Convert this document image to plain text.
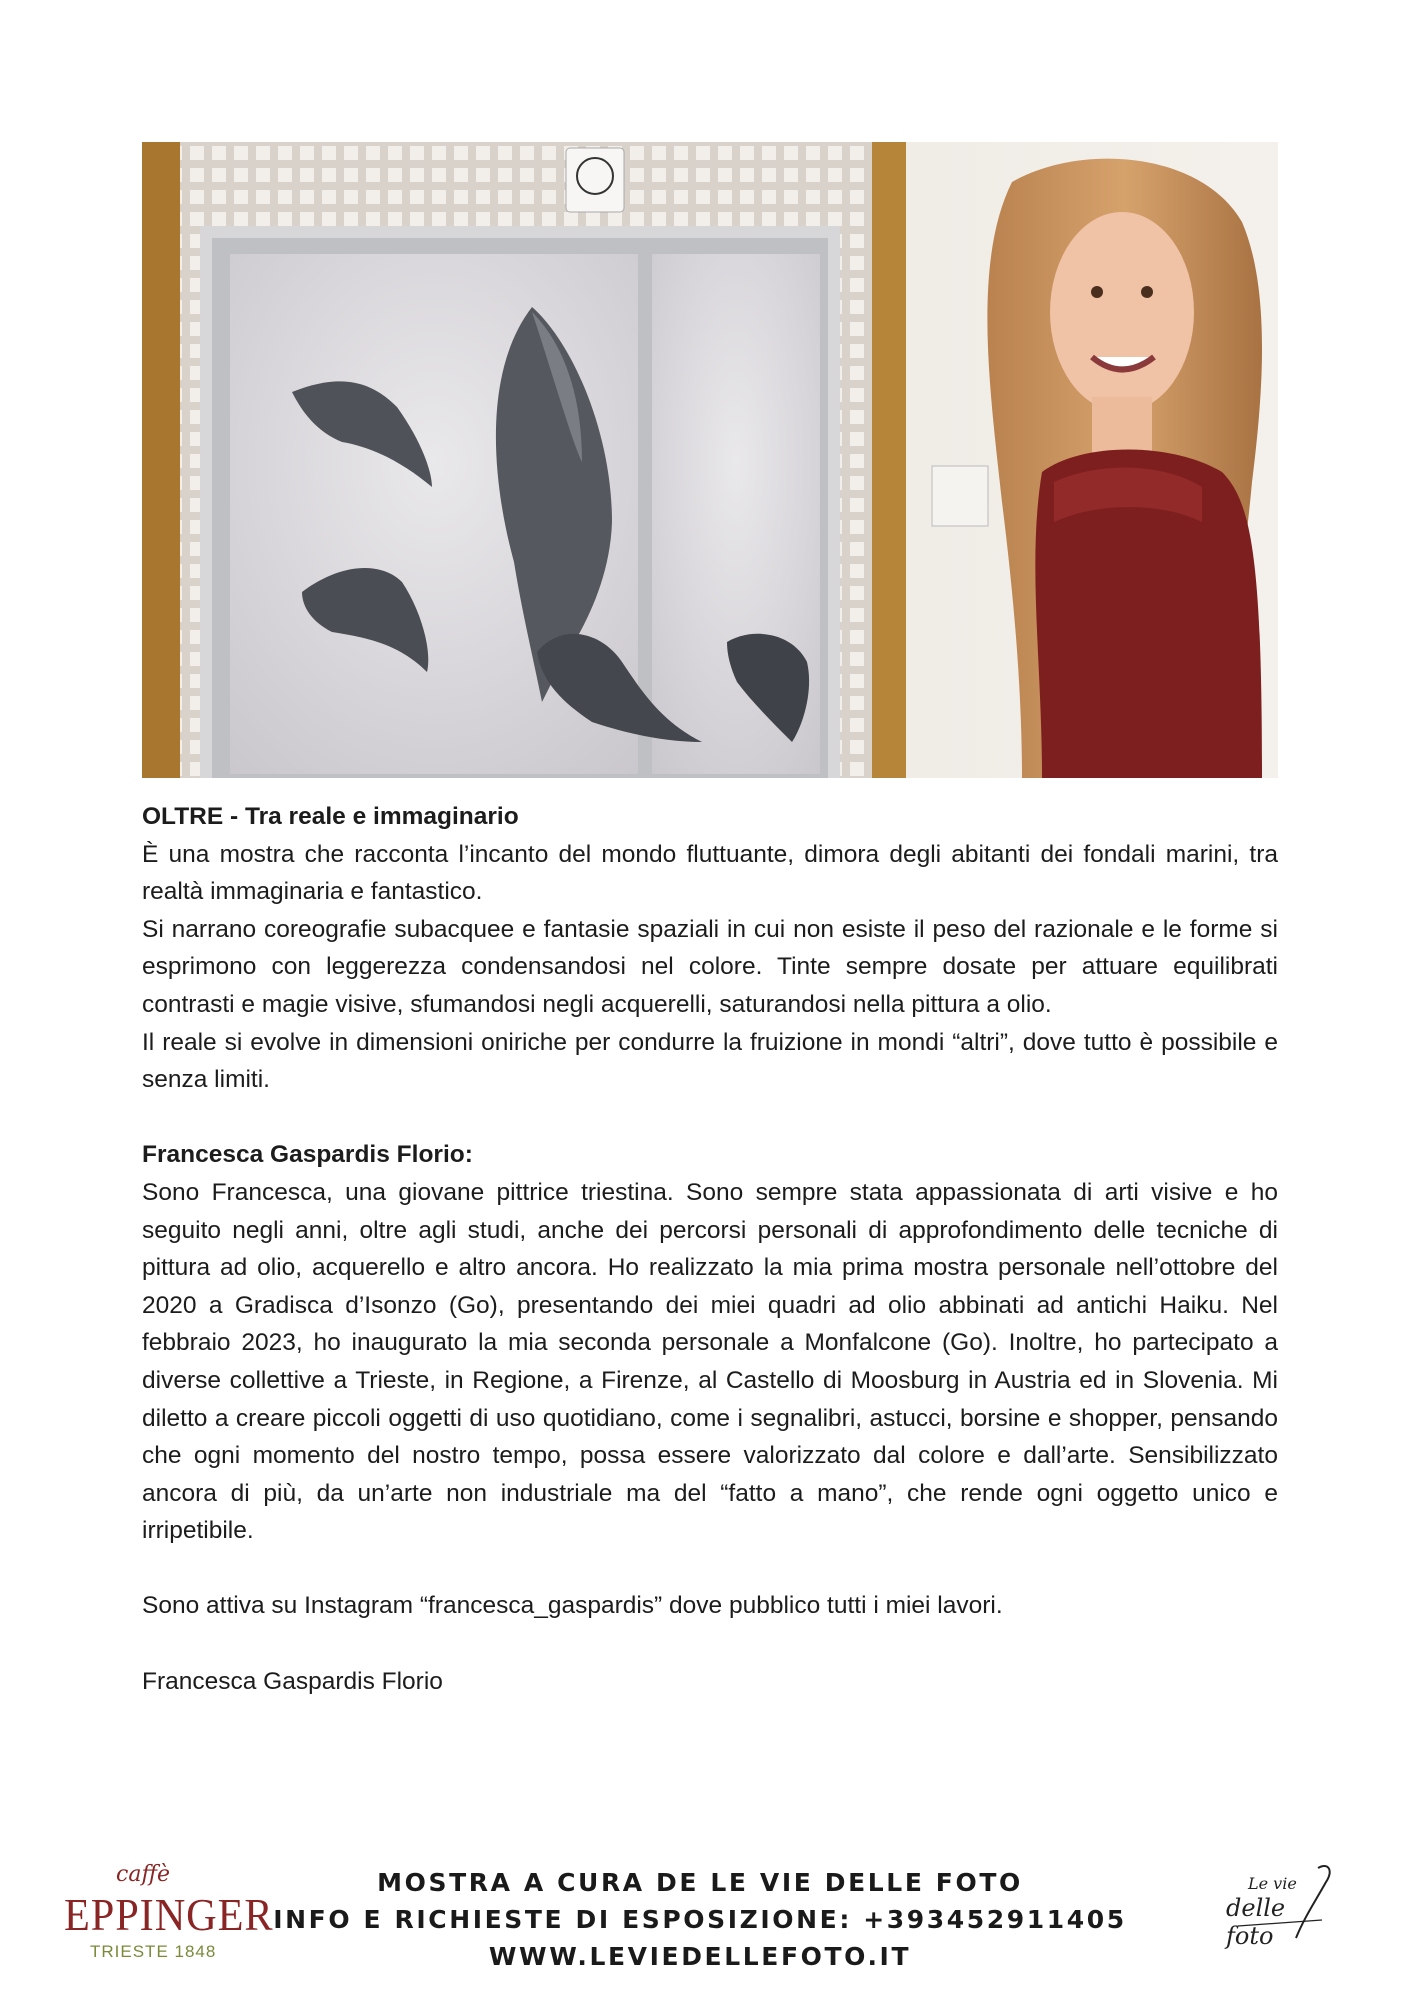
OLTRE - Tra reale e immaginario

È una mostra che racconta l’incanto del mondo fluttuante, dimora degli abitanti dei fondali marini, tra realtà immaginaria e fantastico.

Si narrano coreografie subacquee e fantasie spaziali in cui non esiste il peso del razionale e le forme si esprimono con leggerezza condensandosi nel colore. Tinte sempre dosate per attuare equilibrati contrasti e magie visive, sfumandosi negli acquerelli, saturandosi nella pittura a olio.

Il reale si evolve in dimensioni oniriche per condurre la fruizione in mondi “altri”, dove tutto è possibile e senza limiti.

Francesca Gaspardis Florio:

Sono Francesca, una giovane pittrice triestina. Sono sempre stata appassionata di arti visive e ho seguito negli anni, oltre agli studi, anche dei percorsi personali di approfondimento delle tecniche di pittura ad olio, acquerello e altro ancora. Ho realizzato la mia prima mostra personale nell’ottobre del 2020 a Gradisca d’Isonzo (Go), presentando dei miei quadri ad olio abbinati ad antichi Haiku. Nel febbraio 2023, ho inaugurato la mia seconda personale a Monfalcone (Go). Inoltre, ho partecipato a diverse collettive a Trieste, in Regione, a Firenze, al Castello di Moosburg in Austria ed in Slovenia. Mi diletto a creare piccoli oggetti di uso quotidiano, come i segnalibri, astucci, borsine e shopper, pensando che ogni momento del nostro tempo, possa essere valorizzato dal colore e dall’arte. Sensibilizzato ancora di più, da un’arte non industriale ma del “fatto a mano”, che rende ogni oggetto unico e irripetibile.

Sono attiva su Instagram “francesca_gaspardis” dove pubblico tutti i miei lavori.

Francesca Gaspardis Florio

caffè
EPPINGER
TRIESTE 1848
MOSTRA A CURA DE LE VIE DELLE FOTO
INFO E RICHIESTE DI ESPOSIZIONE: +393452911405
WWW.LEVIEDELLEFOTO.IT
Le vie
delle foto
